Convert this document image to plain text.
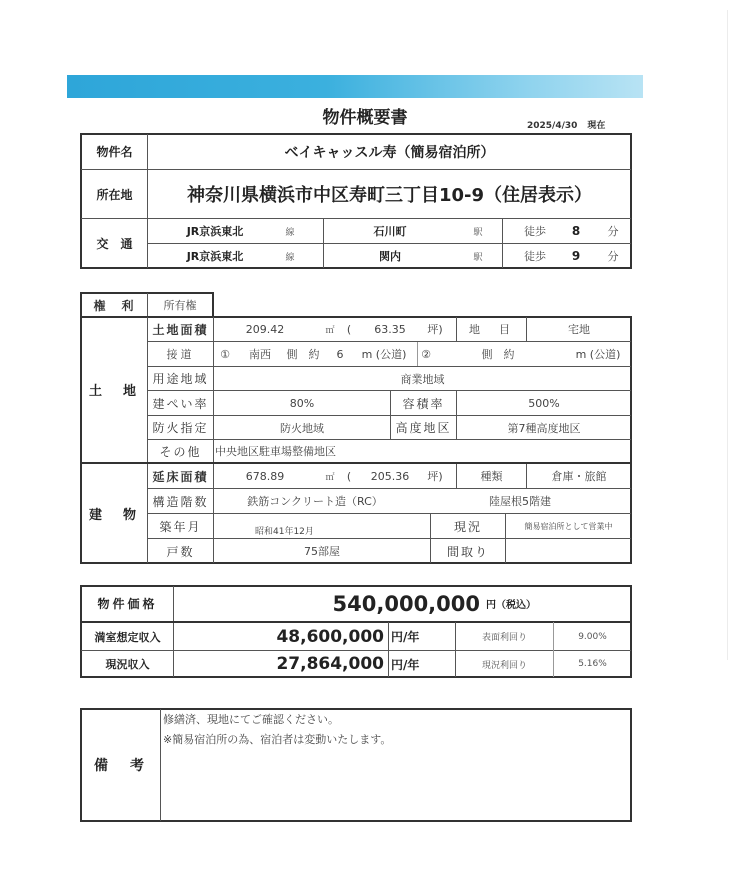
物件概要書	2025/4/30 現在
物件名	ベイキャッスル寿（簡易宿泊所）
所在地	神奈川県横浜市中区寿町三丁目10-9（住居表示）
交　通
JR京浜東北	線	石川町	駅	徒歩	8	分
JR京浜東北	線	関内	駅	徒歩	9	分
権　利	所有権
土　地
建　物
土地面積	209.42	㎡ (	63.35	坪)	地　目	宅地
接道	① 南西 側 約	6	m (公道)	②	側 約	m (公道)
用途地域	商業地域
建ぺい率	80%	容積率	500%
防火指定	防火地域	高度地区	第7種高度地区
その他	中央地区駐車場整備地区
延床面積	678.89	㎡ (	205.36	坪)	種類	倉庫・旅館
構造階数	鉄筋コンクリート造（RC）	陸屋根5階建
築年月	昭和41年12月	現況	簡易宿泊所として営業中
戸数	75部屋	間取り
物件価格	540,000,000 円（税込）
満室想定収入	48,600,000 円/年	表面利回り	9.00%
現況収入	27,864,000 円/年	現況利回り	5.16%
備　考
修繕済、現地にてご確認ください。
※簡易宿泊所の為、宿泊者は変動いたします。
